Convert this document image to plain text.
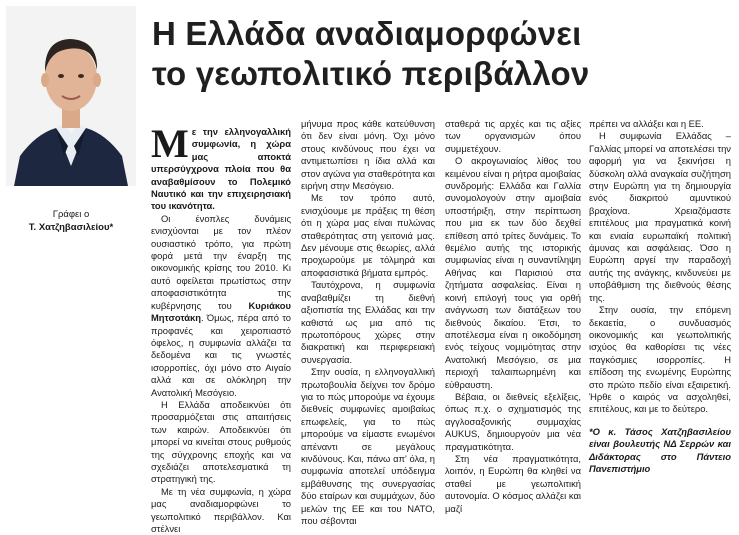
Η Ελλάδα αναδιαμορφώνει
το γεωπολιτικό περιβάλλον
Γράφει ο
Τ. Χατζηβασιλείου*

Με την ελληνογαλλική συμφωνία, η χώρα μας αποκτά υπερσύγχρονα πλοία που θα αναβαθμίσουν το Πολεμικό Ναυτικό και την επιχειρησιακή του ικανότητα.

Οι ένοπλες δυνάμεις ενισχύονται με τον πλέον ουσιαστικό τρόπο, για πρώτη φορά μετά την έναρξη της οικονομικής κρίσης του 2010. Κι αυτό οφείλεται πρωτίστως στην αποφασιστικότητα της κυβέρνησης του Κυριάκου Μητσοτάκη. Όμως, πέρα από το προφανές και χειροπιαστό όφελος, η συμφωνία αλλάζει τα δεδομένα και τις γνωστές ισορροπίες, όχι μόνο στο Αιγαίο αλλά και σε ολόκληρη την Ανατολική Μεσόγειο.

Η Ελλάδα αποδεικνύει ότι προσαρμόζεται στις απαιτήσεις των καιρών. Αποδεικνύει ότι μπορεί να κινείται στους ρυθμούς της σύγχρονης εποχής και να σχεδιάζει αποτελεσματικά τη στρατηγική της.

Με τη νέα συμφωνία, η χώρα μας αναδιαμορφώνει το γεωπολιτικό περιβάλλον. Και στέλνει

μήνυμα προς κάθε κατεύθυνση ότι δεν είναι μόνη. Όχι μόνο στους κινδύνους που έχει να αντιμετωπίσει η ίδια αλλά και στον αγώνα για σταθερότητα και ειρήνη στην Μεσόγειο.

Με τον τρόπο αυτό, ενισχύουμε με πράξεις τη θέση ότι η χώρα μας είναι πυλώνας σταθερότητας στη γειτονιά μας. Δεν μένουμε στις θεωρίες, αλλά προχωρούμε με τόλμηρά και αποφασιστικά βήματα εμπρός.

Ταυτόχρονα, η συμφωνία αναβαθμίζει τη διεθνή αξιοπιστία της Ελλάδας και την καθιστά ως μια από τις πρωτοπόρους χώρες στην διακρατική και περιφερειακή συνεργασία.

Στην ουσία, η ελληνογαλλική πρωτοβουλία δείχνει τον δρόμο για το πώς μπορούμε να έχουμε διεθνείς συμφωνίες αμοιβαίως επωφελείς, για το πώς μπορούμε να είμαστε ενωμένοι απέναντι σε μεγάλους κινδύνους. Και, πάνω απ' όλα, η συμφωνία αποτελεί υπόδειγμα εμβάθυνσης της συνεργασίας δύο εταίρων και συμμάχων, δύο μελών της ΕΕ και του ΝΑΤΟ, που σέβονται

σταθερά τις αρχές και τις αξίες των οργανισμών όπου συμμετέχουν.

Ο ακρογωνιαίος λίθος του κειμένου είναι η ρήτρα αμοιβαίας συνδρομής: Ελλάδα και Γαλλία συνομολογούν στην αμοιβαία υποστήριξη, στην περίπτωση που μια εκ των δύο δεχθεί επίθεση από τρίτες δυνάμεις. Το θεμέλιο αυτής της ιστορικής συμφωνίας είναι η συναντίληψη Αθήνας και Παρισιού στα ζητήματα ασφαλείας. Είναι η κοινή επιλογή τους για ορθή ανάγνωση των διατάξεων του διεθνούς δικαίου. Έτσι, το αποτέλεσμα είναι η οικοδόμηση ενός τείχους νομιμότητας στην Ανατολική Μεσόγειο, σε μια περιοχή ταλαιπωρημένη και εύθραυστη.

Βέβαια, οι διεθνείς εξελίξεις, όπως π.χ. ο σχηματισμός της αγγλοσαξονικής συμμαχίας AUKUS, δημιουργούν μια νέα πραγματικότητα.

Στη νέα πραγματικότητα, λοιπόν, η Ευρώπη θα κληθεί να σταθεί με γεωπολιτική αυτονομία. Ο κόσμος αλλάζει και μαζί

πρέπει να αλλάξει και η ΕΕ.

Η συμφωνία Ελλάδας – Γαλλίας μπορεί να αποτελέσει την αφορμή για να ξεκινήσει η δύσκολη αλλά αναγκαία συζήτηση στην Ευρώπη για τη δημιουργία ενός διακριτού αμυντικού βραχίονα. Χρειαζόμαστε επιτέλους μια πραγματικά κοινή και ενιαία ευρωπαϊκή πολιτική άμυνας και ασφάλειας. Όσο η Ευρώπη αργεί την παραδοχή αυτής της ανάγκης, κινδυνεύει με υποβάθμιση της διεθνούς θέσης της.

Στην ουσία, την επόμενη δεκαετία, ο συνδυασμός οικονομικής και γεωπολιτικής ισχύος θα καθορίσει τις νέες παγκόσμιες ισορροπίες. Η επίδοση της ενωμένης Ευρώπης στο πρώτο πεδίο είναι εξαιρετική. Ήρθε ο καιρός να ασχοληθεί, επιτέλους, και με το δεύτερο.

*Ο κ. Τάσος Χατζηβασιλείου είναι βουλευτής ΝΔ Σερρών και Διδάκτορας στο Πάντειο Πανεπιστήμιο
